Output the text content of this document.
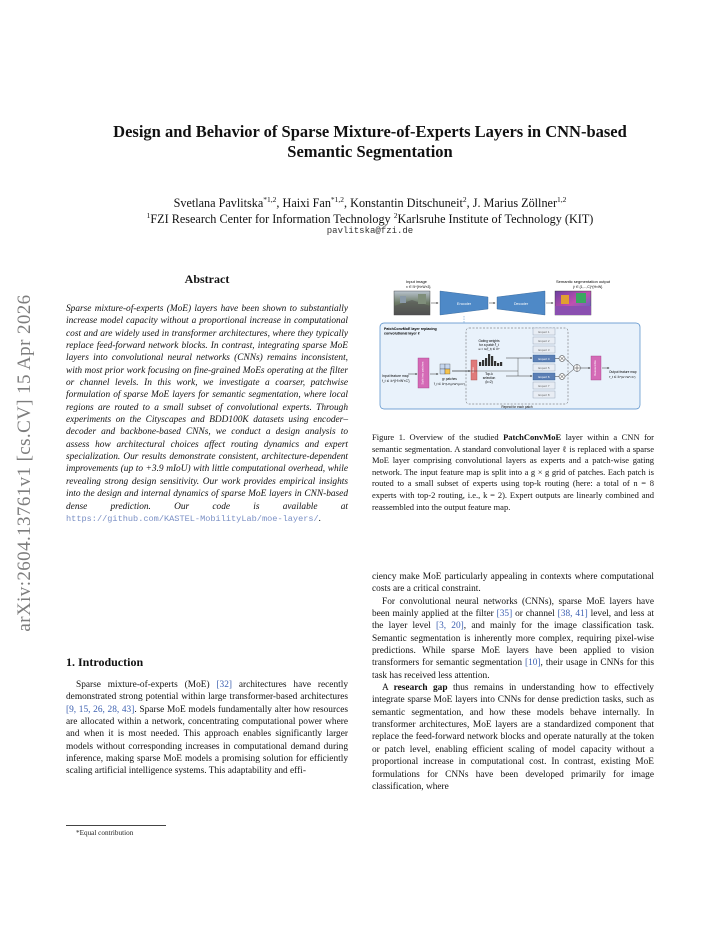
arXiv:2604.13761v1 [cs.CV] 15 Apr 2026
Design and Behavior of Sparse Mixture-of-Experts Layers in CNN-based Semantic Segmentation
Svetlana Pavlitska$^{*1,2}$, Haixi Fan$^{*1,2}$, Konstantin Ditschuneit$^2$, J. Marius Zöllner$^{1,2}$
$^1$FZI Research Center for Information Technology $^2$Karlsruhe Institute of Technology (KIT)
pavlitska@fzi.de
Abstract
Sparse mixture-of-experts (MoE) layers have been shown to substantially increase model capacity without a proportional increase in computational cost and are widely used in transformer architectures, where they typically replace feed-forward network blocks. In contrast, integrating sparse MoE layers into convolutional neural networks (CNNs) remains inconsistent, with most prior work focusing on fine-grained MoEs operating at the filter or channel levels. In this work, we investigate a coarser, patchwise formulation of sparse MoE layers for semantic segmentation, where local regions are routed to a small subset of convolutional experts. Through experiments on the Cityscapes and BDD100K datasets using encoder–decoder and backbone-based CNNs, we conduct a design analysis to assess how architectural choices affect routing dynamics and expert specialization. Our results demonstrate consistent, architecture-dependent improvements (up to +3.9 mIoU) with little computational overhead, while revealing strong design sensitivity. Our work provides empirical insights into the design and internal dynamics of sparse MoE layers in CNN-based dense prediction. Our code is available at https://github.com/KASTEL-MobilityLab/moe-layers/.
1. Introduction
Sparse mixture-of-experts (MoE) [32] architectures have recently demonstrated strong potential within large transformer-based architectures [9, 15, 26, 28, 43]. Sparse MoE models fundamentally alter how resources are allocated within a network, concentrating computational power where and when it is most needed. This approach enables significantly larger models without corresponding increases in computational demand during inference, making sparse MoE models a promising solution for efficiently scaling artificial intelligence systems. This adaptability and effi-
*Equal contribution
Input image
x ∈ ℝ^{H×W×3}
Encoder	Decoder
Semantic segmentation output
ŷ ∈ {1,...,C}^{H×W}
PatchConvMoE layer replacing
convolutional layer ℓ
Input feature map
f_ℓ ∈ ℝ^{H'×W'×C'}	Split into patches	g² patches
f̃_ℓ ∈ ℝ^{H'/g×W'/g×C'}
Repeat for each patch
Gating weights
for a patch f̃_ℓ
w = G(f̃_ℓ) ∈ ℝⁿ
Gate
Top-k
selection
(k=2)
Expert 1
Expert 2
Expert 3
Expert 4
Expert 5
Expert 6
Expert 7
Expert 8
Reassemble	Output feature map
f'_ℓ ∈ ℝ^{H'×W'×C'}
Figure 1. Overview of the studied PatchConvMoE layer within a CNN for semantic segmentation. A standard convolutional layer ℓ is replaced with a sparse MoE layer comprising convolutional layers as experts and a patch-wise gating network. The input feature map is split into a g × g grid of patches. Each patch is routed to a small subset of experts using top-k routing (here: a total of n = 8 experts with top-2 routing, i.e., k = 2). Expert outputs are linearly combined and reassembled into the output feature map.

ciency make MoE particularly appealing in contexts where computational costs are a critical constraint.

For convolutional neural networks (CNNs), sparse MoE layers have been mainly applied at the filter [35] or channel [38, 41] level, and less at the layer level [3, 20], and mainly for the image classification task. Semantic segmentation is inherently more complex, requiring pixel-wise predictions. While sparse MoE layers have been applied to vision transformers for semantic segmentation [10], their usage in CNNs for this task has received less attention.

A research gap thus remains in understanding how to effectively integrate sparse MoE layers into CNNs for dense prediction tasks, such as semantic segmentation, and how these models behave internally. In transformer architectures, MoE layers are a standardized component that replace the feed-forward network blocks and operate naturally at the token or patch level, enabling efficient scaling of model capacity without a proportional increase in computational cost. In contrast, existing MoE formulations for CNNs have been developed primarily for image classification, where
